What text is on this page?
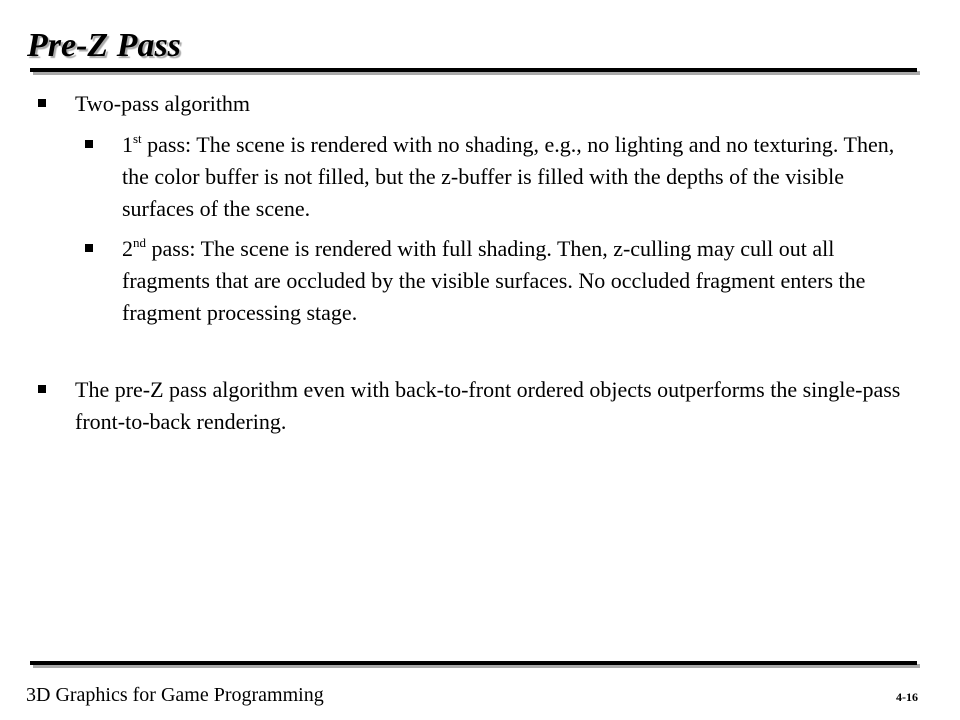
Pre-Z Pass
Two-pass algorithm
1st pass: The scene is rendered with no shading, e.g., no lighting and no texturing. Then, the color buffer is not filled, but the z-buffer is filled with the depths of the visible surfaces of the scene.
2nd pass: The scene is rendered with full shading. Then, z-culling may cull out all fragments that are occluded by the visible surfaces. No occluded fragment enters the fragment processing stage.
The pre-Z pass algorithm even with back-to-front ordered objects outperforms the single-pass front-to-back rendering.
3D Graphics for Game Programming	4-16
